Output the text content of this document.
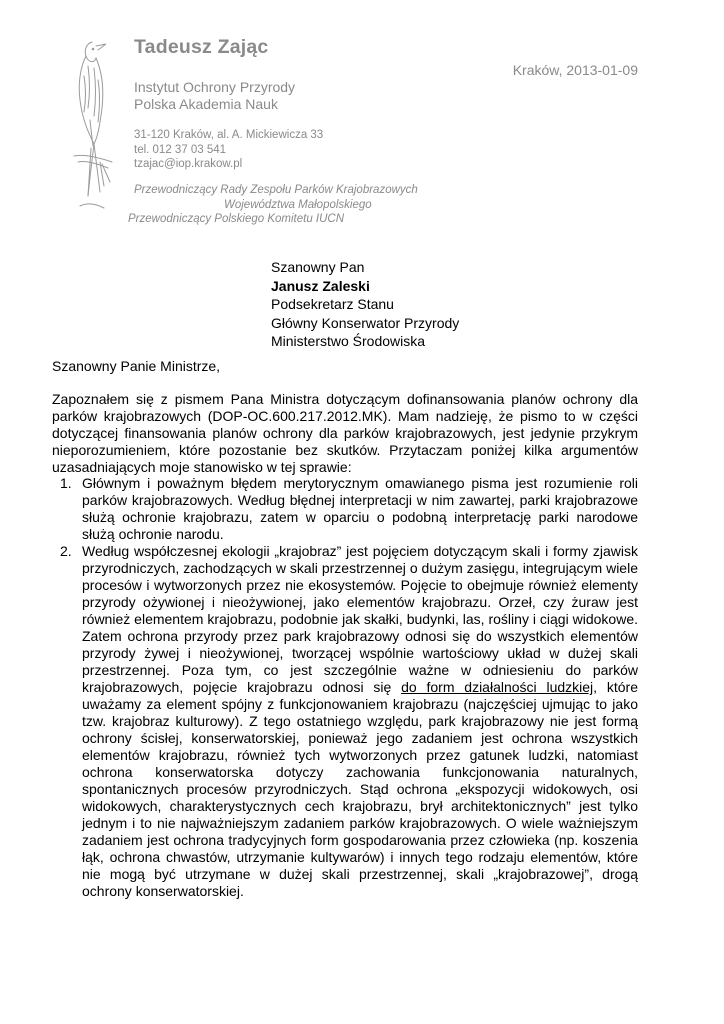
Tadeusz Zając
Instytut Ochrony Przyrody
Polska Akademia Nauk
31-120 Kraków, al. A. Mickiewicza 33
tel. 012 37 03 541
tzajac@iop.krakow.pl
Przewodniczący Rady Zespołu Parków Krajobrazowych
Województwa Małopolskiego
Przewodniczący Polskiego Komitetu IUCN
Kraków, 2013-01-09
Szanowny Pan
Janusz Zaleski
Podsekretarz Stanu
Główny Konserwator Przyrody
Ministerstwo Środowiska
Szanowny Panie Ministrze,
Zapoznałem się z pismem Pana Ministra dotyczącym dofinansowania planów ochrony dla parków krajobrazowych (DOP-OC.600.217.2012.MK). Mam nadzieję, że pismo to w części dotyczącej finansowania planów ochrony dla parków krajobrazowych, jest jedynie przykrym nieporozumieniem, które pozostanie bez skutków. Przytaczam poniżej kilka argumentów uzasadniających moje stanowisko w tej sprawie:
1. Głównym i poważnym błędem merytorycznym omawianego pisma jest rozumienie roli parków krajobrazowych. Według błędnej interpretacji w nim zawartej, parki krajobrazowe służą ochronie krajobrazu, zatem w oparciu o podobną interpretację parki narodowe służą ochronie narodu.
2. Według współczesnej ekologii „krajobraz” jest pojęciem dotyczącym skali i formy zjawisk przyrodniczych, zachodzących w skali przestrzennej o dużym zasięgu, integrującym wiele procesów i wytworzonych przez nie ekosystemów. Pojęcie to obejmuje również elementy przyrody ożywionej i nieożywionej, jako elementów krajobrazu. Orzeł, czy żuraw jest również elementem krajobrazu, podobnie jak skałki, budynki, las, rośliny i ciągi widokowe. Zatem ochrona przyrody przez park krajobrazowy odnosi się do wszystkich elementów przyrody żywej i nieożywionej, tworzącej wspólnie wartościowy układ w dużej skali przestrzennej. Poza tym, co jest szczególnie ważne w odniesieniu do parków krajobrazowych, pojęcie krajobrazu odnosi się do form działalności ludzkiej, które uważamy za element spójny z funkcjonowaniem krajobrazu (najczęściej ujmując to jako tzw. krajobraz kulturowy). Z tego ostatniego względu, park krajobrazowy nie jest formą ochrony ścisłej, konserwatorskiej, ponieważ jego zadaniem jest ochrona wszystkich elementów krajobrazu, również tych wytworzonych przez gatunek ludzki, natomiast ochrona konserwatorska dotyczy zachowania funkcjonowania naturalnych, spontanicznych procesów przyrodniczych. Stąd ochrona „ekspozycji widokowych, osi widokowych, charakterystycznych cech krajobrazu, brył architektonicznych” jest tylko jednym i to nie najważniejszym zadaniem parków krajobrazowych. O wiele ważniejszym zadaniem jest ochrona tradycyjnych form gospodarowania przez człowieka (np. koszenia łąk, ochrona chwastów, utrzymanie kultywarów) i innych tego rodzaju elementów, które nie mogą być utrzymane w dużej skali przestrzennej, skali „krajobrazowej”, drogą ochrony konserwatorskiej.
